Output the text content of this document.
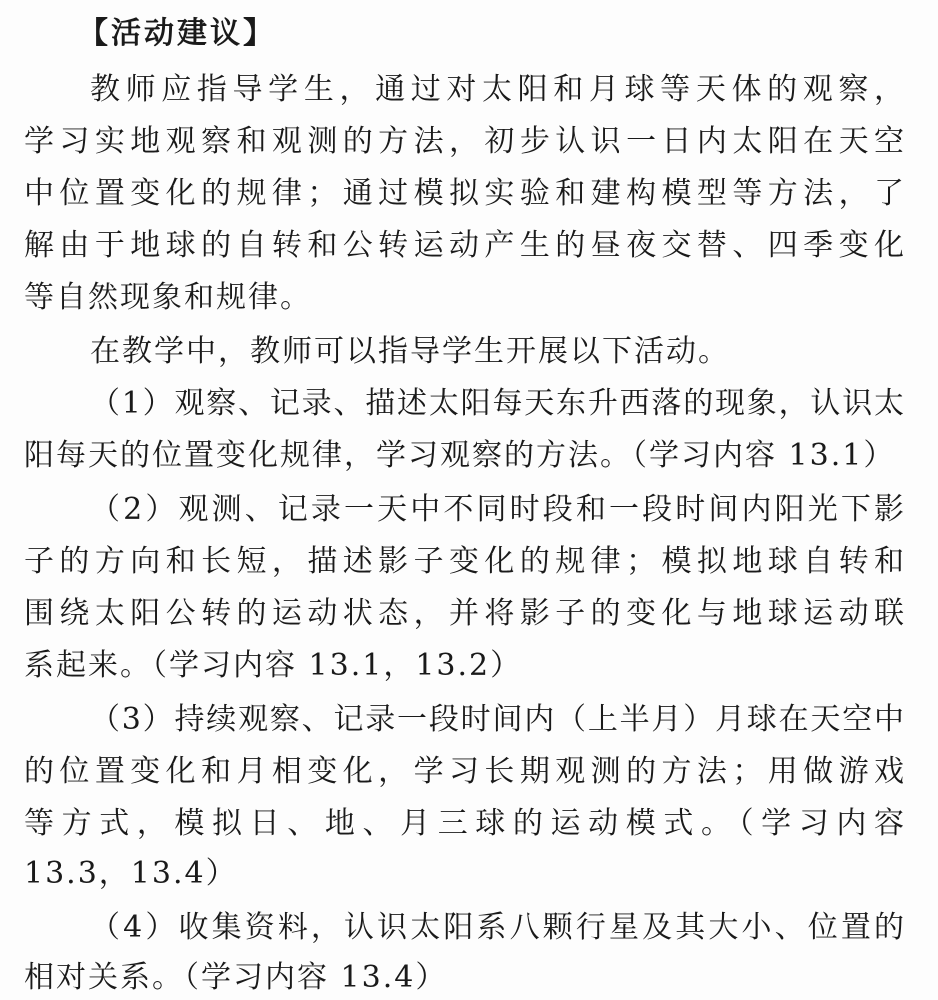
【活动建议】
教师应指导学生，通过对太阳和月球等天体的观察，
学习实地观察和观测的方法，初步认识一日内太阳在天空
中位置变化的规律；通过模拟实验和建构模型等方法，了
解由于地球的自转和公转运动产生的昼夜交替、四季变化
等自然现象和规律。
在教学中，教师可以指导学生开展以下活动。
（1）观察、记录、描述太阳每天东升西落的现象，认识太
阳每天的位置变化规律，学习观察的方法。（学习内容 13.1）
（2）观测、记录一天中不同时段和一段时间内阳光下影
子的方向和长短，描述影子变化的规律；模拟地球自转和
围绕太阳公转的运动状态，并将影子的变化与地球运动联
系起来。（学习内容 13.1，13.2）
（3）持续观察、记录一段时间内（上半月）月球在天空中
的位置变化和月相变化，学习长期观测的方法；用做游戏
等方式，模拟日、地、月三球的运动模式。（学习内容
13.3，13.4）
（4）收集资料，认识太阳系八颗行星及其大小、位置的
相对关系。（学习内容 13.4）
